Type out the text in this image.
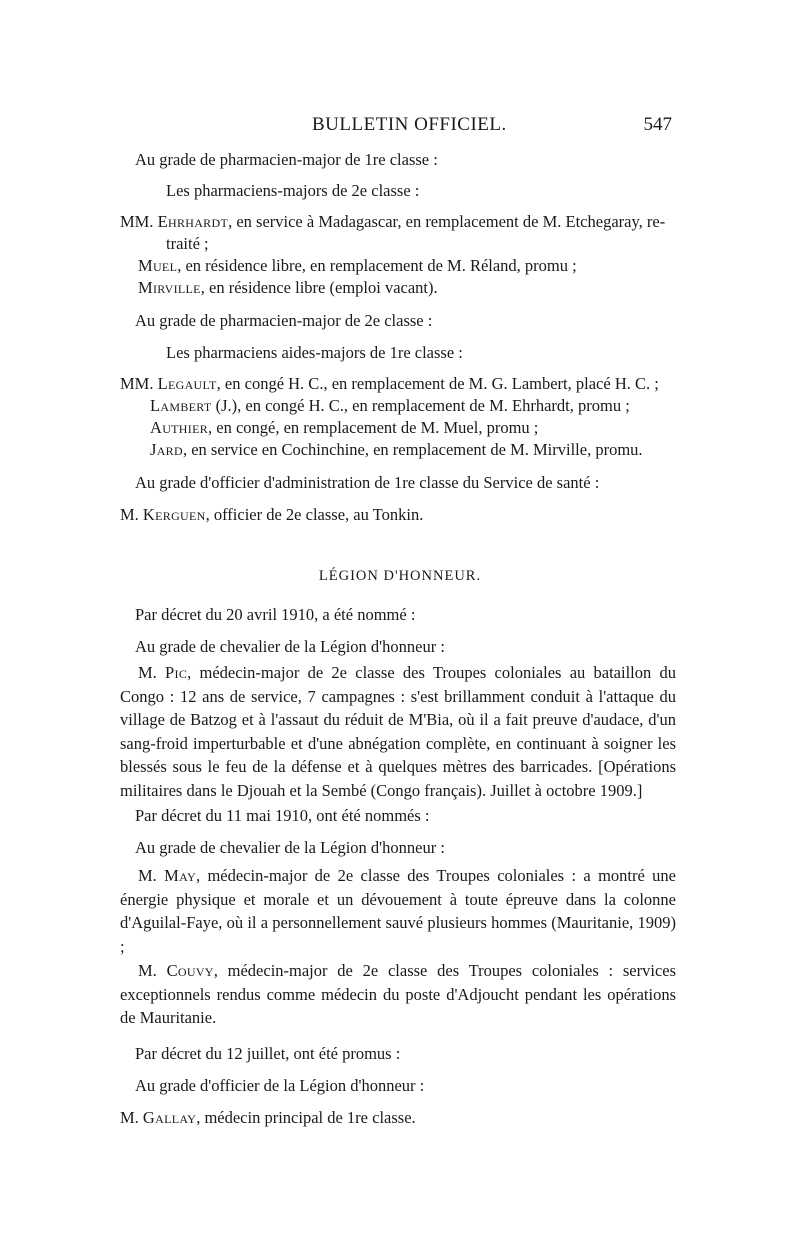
BULLETIN OFFICIEL.	547
Au grade de pharmacien-major de 1re classe :
Les pharmaciens-majors de 2e classe :
MM. Ehrhardt, en service à Madagascar, en remplacement de M. Etchegaray, re-
traité ;
Muel, en résidence libre, en remplacement de M. Réland, promu ;
Mirville, en résidence libre (emploi vacant).
Au grade de pharmacien-major de 2e classe :
Les pharmaciens aides-majors de 1re classe :
MM. Legault, en congé H. C., en remplacement de M. G. Lambert, placé H. C. ;
Lambert (J.), en congé H. C., en remplacement de M. Ehrhardt, promu ;
Authier, en congé, en remplacement de M. Muel, promu ;
Jard, en service en Cochinchine, en remplacement de M. Mirville, promu.
Au grade d'officier d'administration de 1re classe du Service de santé :
M. Kerguen, officier de 2e classe, au Tonkin.
LÉGION D'HONNEUR.
Par décret du 20 avril 1910, a été nommé :
Au grade de chevalier de la Légion d'honneur :
M. Pic, médecin-major de 2e classe des Troupes coloniales au bataillon du Congo : 12 ans de service, 7 campagnes : s'est brillamment conduit à l'attaque du village de Batzog et à l'assaut du réduit de M'Bia, où il a fait preuve d'audace, d'un sang-froid imperturbable et d'une abnégation complète, en continuant à soigner les blessés sous le feu de la défense et à quelques mètres des barricades. [Opérations militaires dans le Djouah et la Sembé (Congo français). Juillet à octobre 1909.]
Par décret du 11 mai 1910, ont été nommés :
Au grade de chevalier de la Légion d'honneur :
M. May, médecin-major de 2e classe des Troupes coloniales : a montré une énergie physique et morale et un dévouement à toute épreuve dans la colonne d'Aguilal-Faye, où il a personnellement sauvé plusieurs hommes (Mauritanie, 1909) ;
M. Couvy, médecin-major de 2e classe des Troupes coloniales : services exceptionnels rendus comme médecin du poste d'Adjoucht pendant les opérations de Mauritanie.
Par décret du 12 juillet, ont été promus :
Au grade d'officier de la Légion d'honneur :
M. Gallay, médecin principal de 1re classe.
